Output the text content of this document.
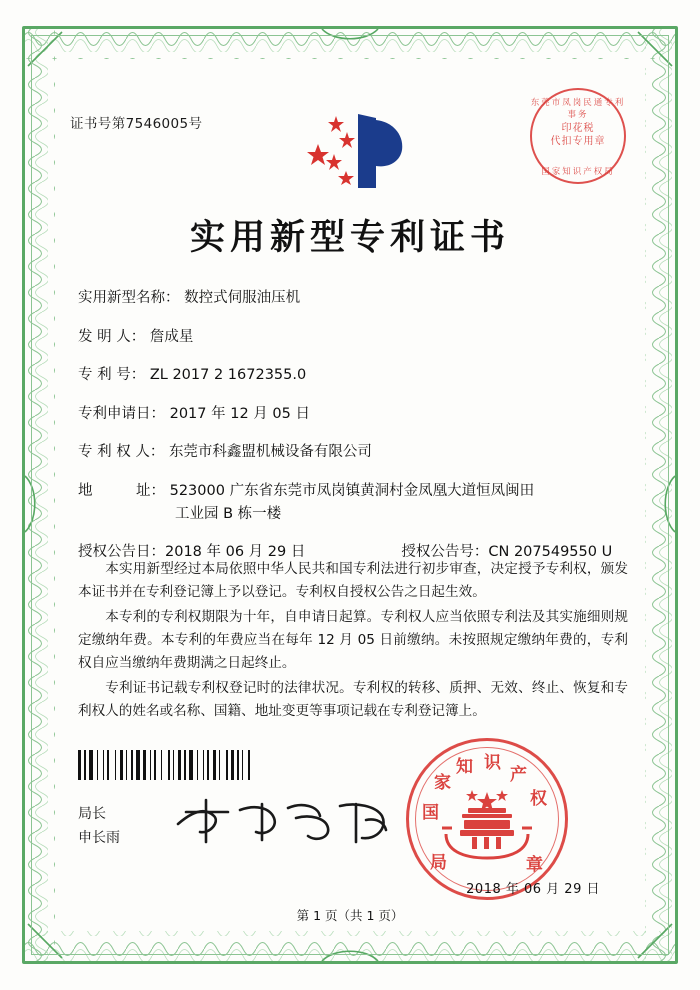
证书号第7546005号
东莞市凤岗民通专利事务
印花税
代扣专用章
国家知识产权局
实用新型专利证书
实用新型名称： 数控式伺服油压机
发 明 人： 詹成星
专 利 号： ZL 2017 2 1672355.0
专利申请日： 2017 年 12 月 05 日
专 利 权 人： 东莞市科鑫盟机械设备有限公司
地　　　址： 523000 广东省东莞市凤岗镇黄洞村金凤凰大道恒凤闽田
工业园 B 栋一楼
授权公告日：2018 年 06 月 29 日	授权公告号：CN 207549550 U

本实用新型经过本局依照中华人民共和国专利法进行初步审查，决定授予专利权，颁发本证书并在专利登记簿上予以登记。专利权自授权公告之日起生效。

本专利的专利权期限为十年，自申请日起算。专利权人应当依照专利法及其实施细则规定缴纳年费。本专利的年费应当在每年 12 月 05 日前缴纳。未按照规定缴纳年费的，专利权自应当缴纳年费期满之日起终止。

专利证书记载专利权登记时的法律状况。专利权的转移、质押、无效、终止、恢复和专利权人的姓名或名称、国籍、地址变更等事项记载在专利登记簿上。

局长
申长雨
知 识
产
权
家
国
局	章
2018 年 06 月 29 日
第 1 页（共 1 页）
